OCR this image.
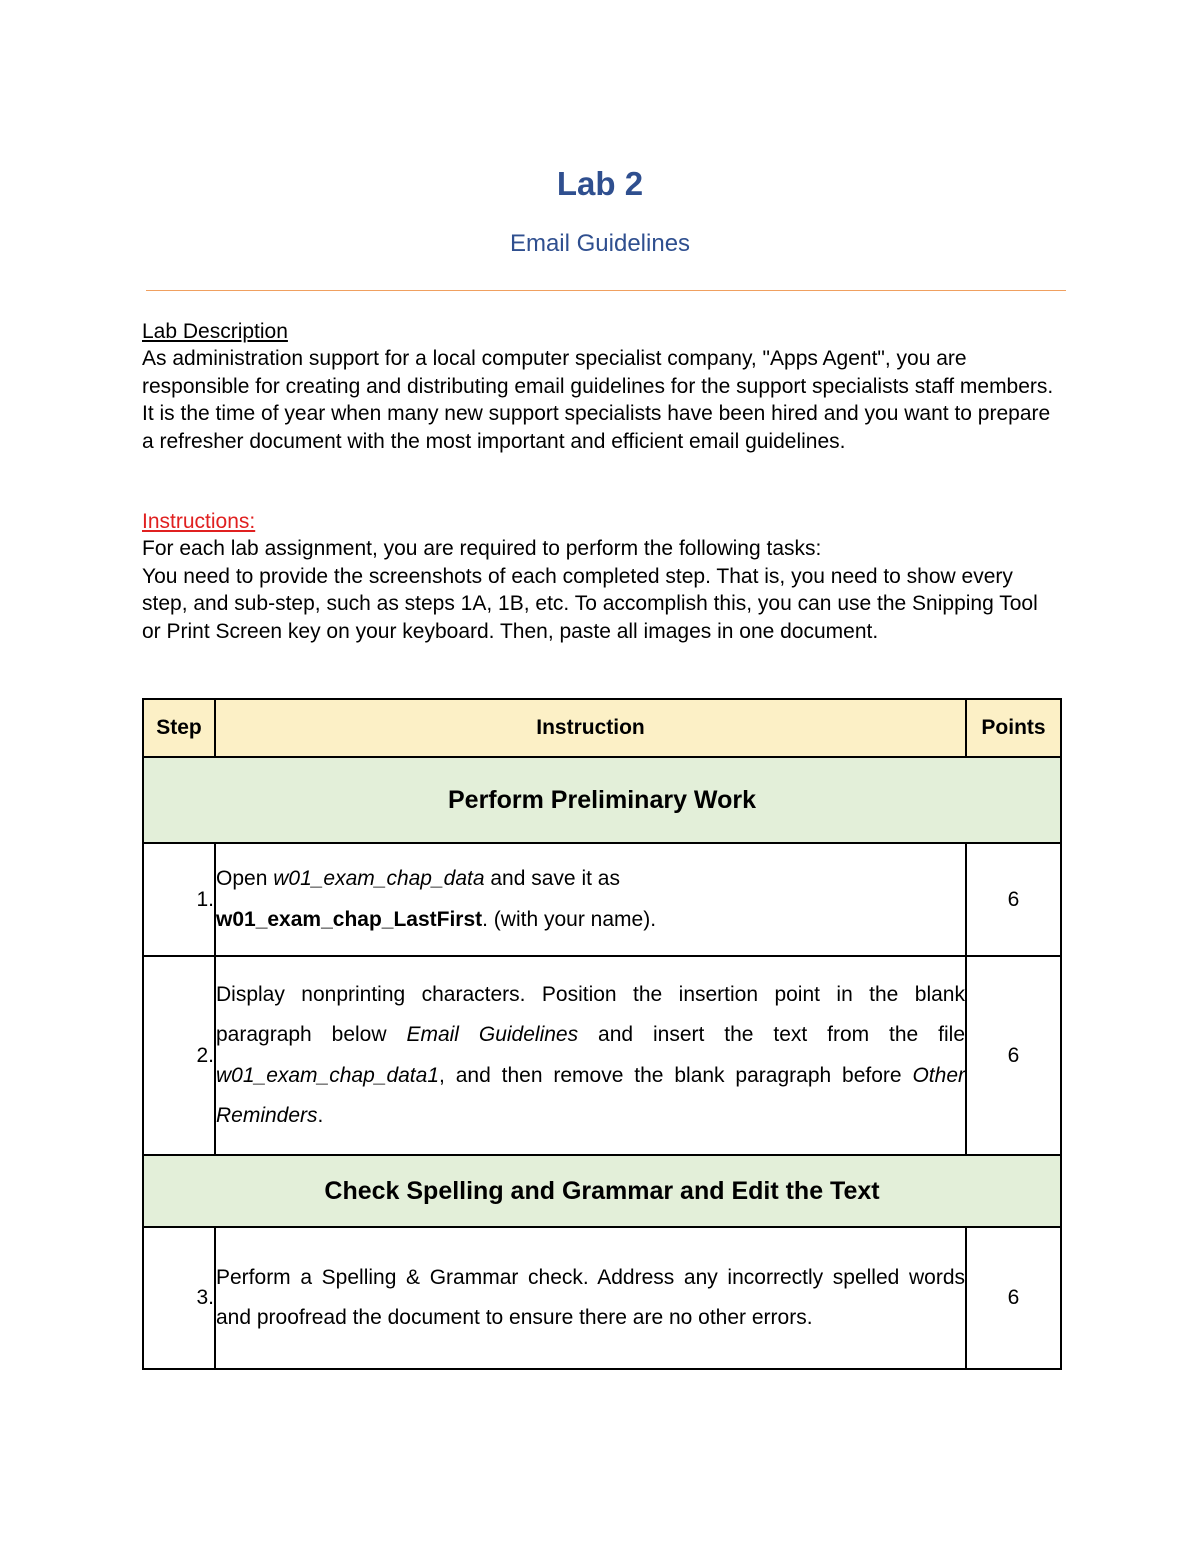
Lab 2
Email Guidelines

Lab Description

As administration support for a local computer specialist company, "Apps Agent", you are responsible for creating and distributing email guidelines for the support specialists staff members. It is the time of year when many new support specialists have been hired and you want to prepare a refresher document with the most important and efficient email guidelines.

Instructions:

For each lab assignment, you are required to perform the following tasks:

You need to provide the screenshots of each completed step. That is, you need to show every step, and sub-step, such as steps 1A, 1B, etc. To accomplish this, you can use the Snipping Tool or Print Screen key on your keyboard. Then, paste all images in one document.

Step	Instruction	Points
Perform Preliminary Work		
1.	Open w01_exam_chap_data and save it as
w01_exam_chap_LastFirst. (with your name).	6
2.	Display nonprinting characters. Position the insertion point in the blank paragraph below Email Guidelines and insert the text from the file w01_exam_chap_data1, and then remove the blank paragraph before Other Reminders.	6
Check Spelling and Grammar and Edit the Text		
3.	Perform a Spelling & Grammar check. Address any incorrectly spelled words and proofread the document to ensure there are no other errors.	6
